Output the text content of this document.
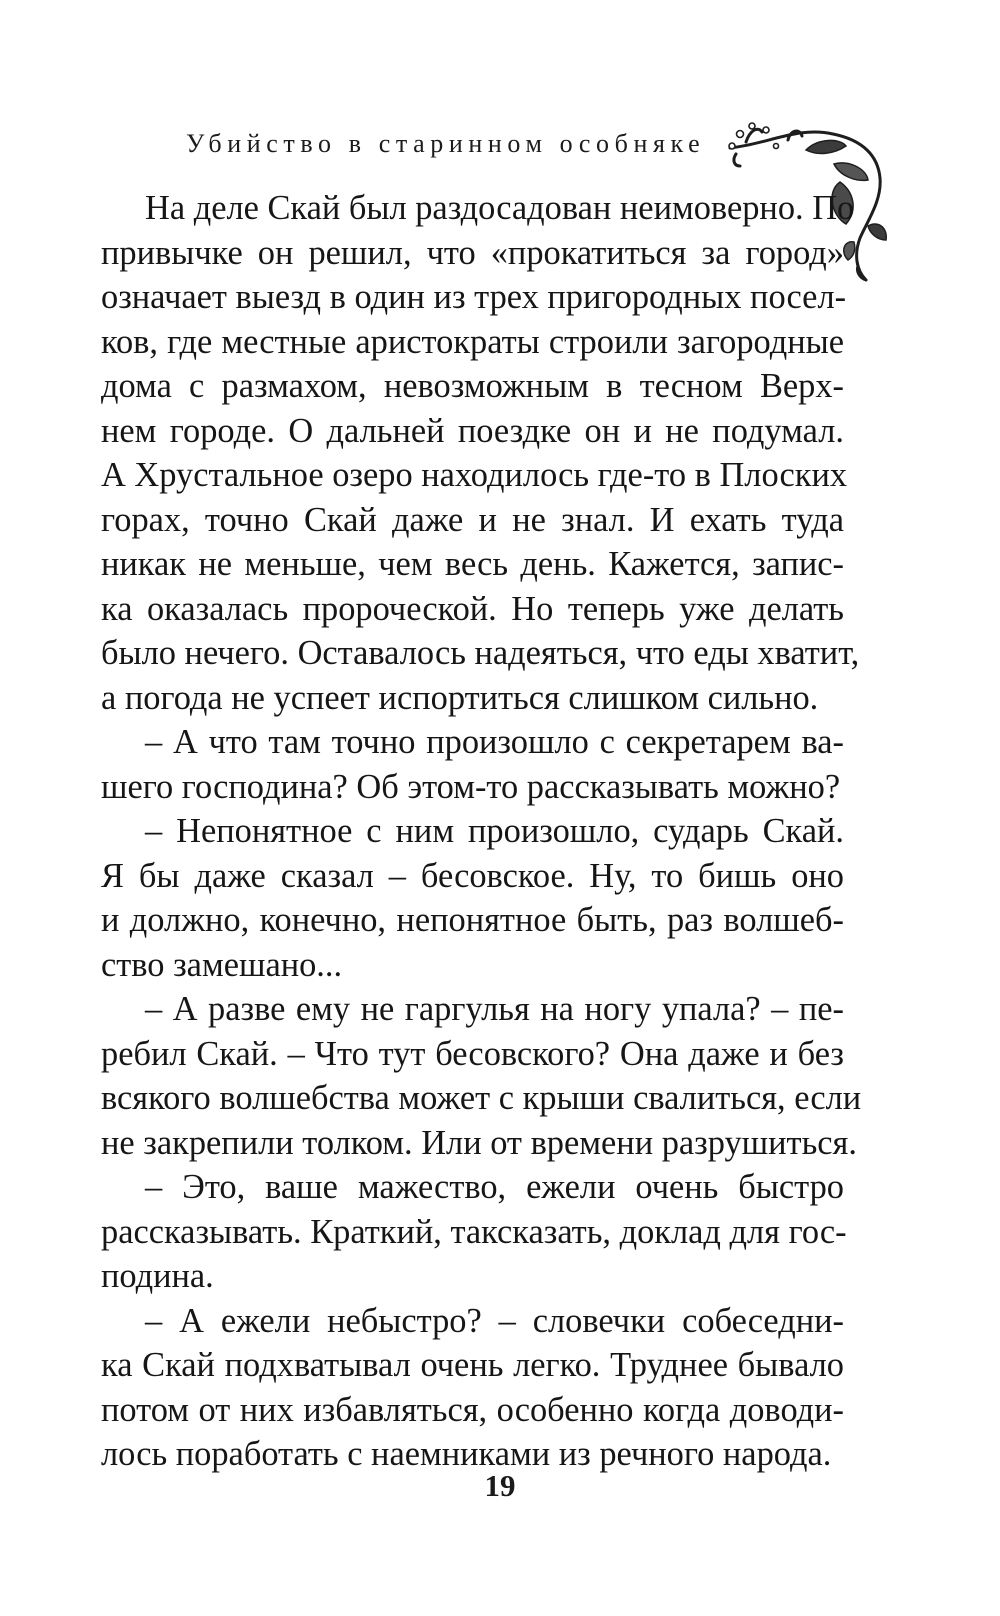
Убийство в старинном особняке
На деле Скай был раздосадован неимоверно. По
привычке он решил, что «прокатиться за город»
означает выезд в один из трех пригородных посел-
ков, где местные аристократы строили загородные
дома с размахом, невозможным в тесном Верх-
нем городе. О дальней поездке он и не подумал.
А Хрустальное озеро находилось где-то в Плоских
горах, точно Скай даже и не знал. И ехать туда
никак не меньше, чем весь день. Кажется, запис-
ка оказалась пророческой. Но теперь уже делать
было нечего. Оставалось надеяться, что еды хватит,
а погода не успеет испортиться слишком сильно.
– А что там точно произошло с секретарем ва-
шего господина? Об этом-то рассказывать можно?
– Непонятное с ним произошло, сударь Скай.
Я бы даже сказал – бесовское. Ну, то бишь оно
и должно, конечно, непонятное быть, раз волшеб-
ство замешано...
– А разве ему не гаргулья на ногу упала? – пе-
ребил Скай. – Что тут бесовского? Она даже и без
всякого волшебства может с крыши свалиться, если
не закрепили толком. Или от времени разрушиться.
– Это, ваше мажество, ежели очень быстро
рассказывать. Краткий, таксказать, доклад для гос-
подина.
– А ежели небыстро? – словечки собеседни-
ка Скай подхватывал очень легко. Труднее бывало
потом от них избавляться, особенно когда доводи-
лось поработать с наемниками из речного народа.
19
